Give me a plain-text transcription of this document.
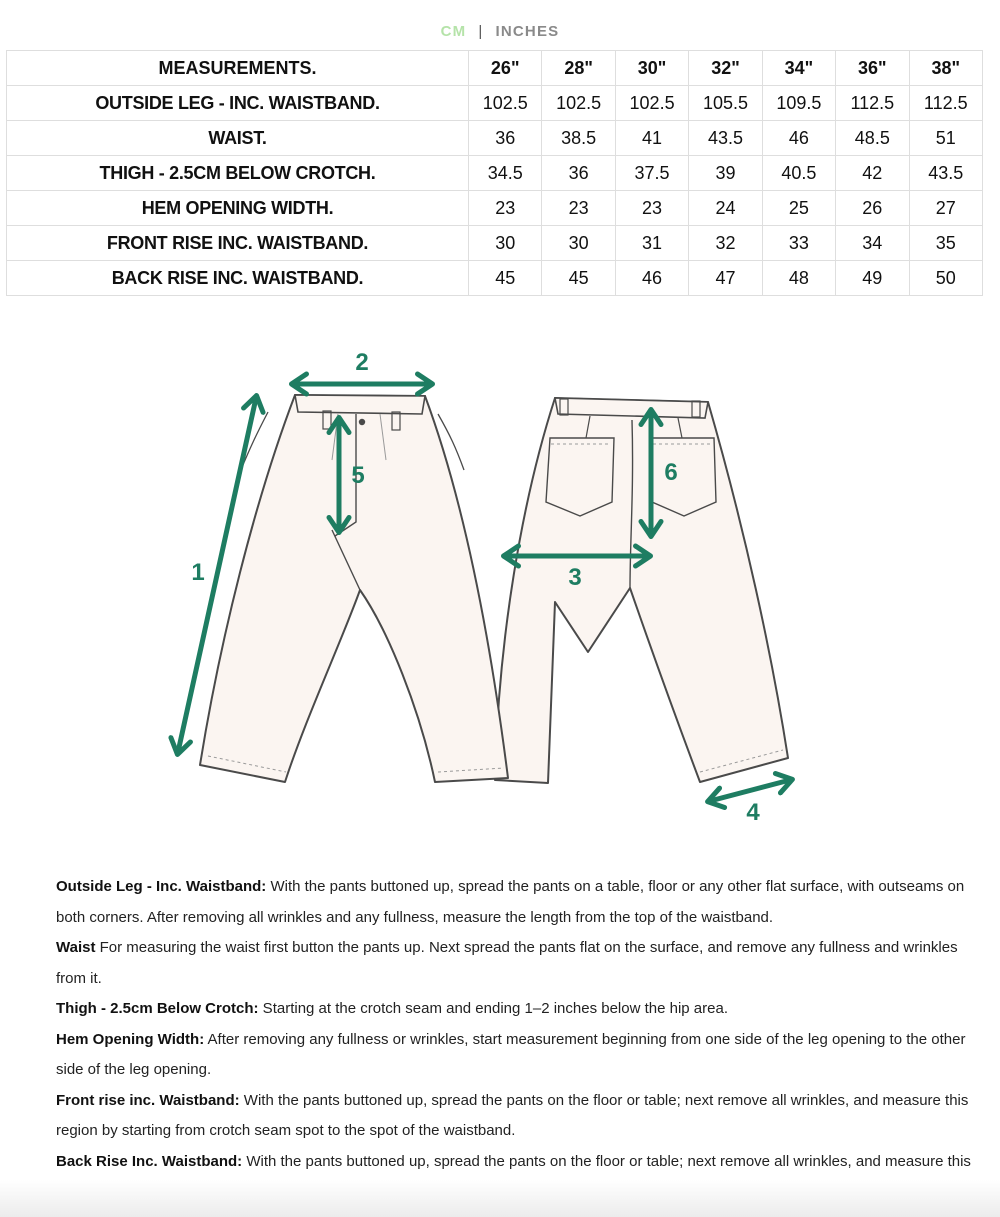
CM | INCHES
MEASUREMENTS.	26"	28"	30"	32"	34"	36"	38"
OUTSIDE LEG - INC. WAISTBAND.	102.5	102.5	102.5	105.5	109.5	112.5	112.5
WAIST.	36	38.5	41	43.5	46	48.5	51
THIGH - 2.5CM BELOW CROTCH.	34.5	36	37.5	39	40.5	42	43.5
HEM OPENING WIDTH.	23	23	23	24	25	26	27
FRONT RISE INC. WAISTBAND.	30	30	31	32	33	34	35
BACK RISE INC. WAISTBAND.	45	45	46	47	48	49	50
1
2
3
4
5	6

Outside Leg - Inc. Waistband: With the pants buttoned up, spread the pants on a table, floor or any other flat surface, with outseams on both corners. After removing all wrinkles and any fullness, measure the length from the top of the waistband.

Waist For measuring the waist first button the pants up. Next spread the pants flat on the surface, and remove any fullness and wrinkles from it.

Thigh - 2.5cm Below Crotch: Starting at the crotch seam and ending 1–2 inches below the hip area.

Hem Opening Width: After removing any fullness or wrinkles, start measurement beginning from one side of the leg opening to the other side of the leg opening.

Front rise inc. Waistband: With the pants buttoned up, spread the pants on the floor or table; next remove all wrinkles, and measure this region by starting from crotch seam spot to the spot of the waistband.

Back Rise Inc. Waistband: With the pants buttoned up, spread the pants on the floor or table; next remove all wrinkles, and measure this
